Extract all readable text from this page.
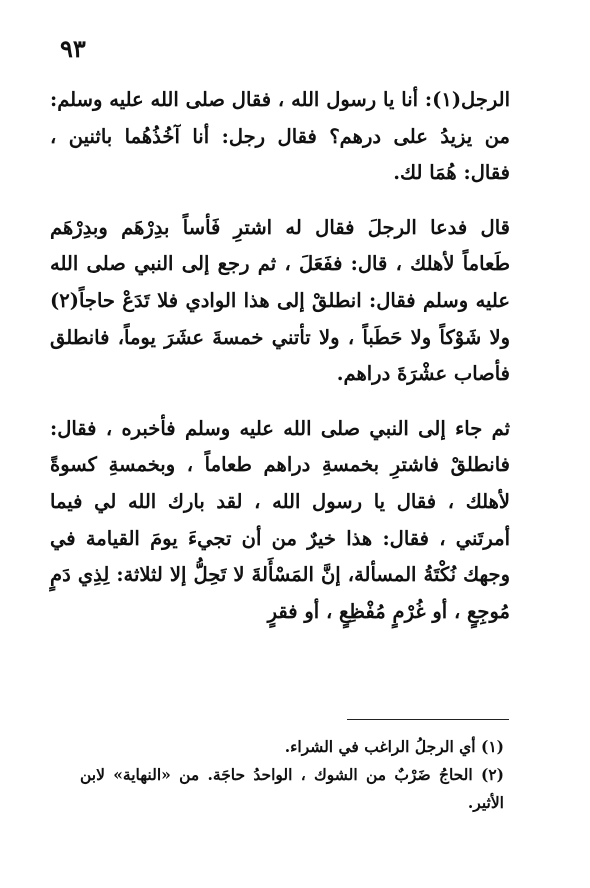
٩٣

الرجل(١): أنا يا رسول الله ، فقال صلى الله عليه وسلم: من يزيدُ على درهم؟ فقال رجل: أنا آخُذُهُما باثنين ، فقال: هُمَا لك.

قال فدعا الرجلَ فقال له اشترِ فَأساً بدِرْهَم وبدِرْهَم طَعاماً لأهلك ، قال: ففَعَلَ ، ثم رجع إلى النبي صلى الله عليه وسلم فقال: انطلقْ إلى هذا الوادي فلا تَدَعْ حاجاً(٢) ولا شَوْكاً ولا حَطَباً ، ولا تأتني خمسةَ عشَرَ يوماً، فانطلق فأصاب عشْرَةَ دراهم.

ثم جاء إلى النبي صلى الله عليه وسلم فأخبره ، فقال: فانطلقْ فاشترِ بخمسةِ دراهم طعاماً ، وبخمسةِ كسوةً لأهلك ، فقال يا رسول الله ، لقد بارك الله لي فيما أمرتَني ، فقال: هذا خيرٌ من أن تجيءَ يومَ القيامة في وجهك نُكْتَةُ المسألة، إنَّ المَسْأَلةَ لا تَحِلُّ إلا لثلاثة: لِذِي دَمٍ مُوجِعٍ ، أو غُرْمٍ مُفْظِعٍ ، أو فقرٍ

(١) أي الرجلُ الراغب في الشراء.

(٢) الحاجُ ضَرْبٌ من الشوك ، الواحدُ حاجَة. من «النهاية» لابن الأثير.
